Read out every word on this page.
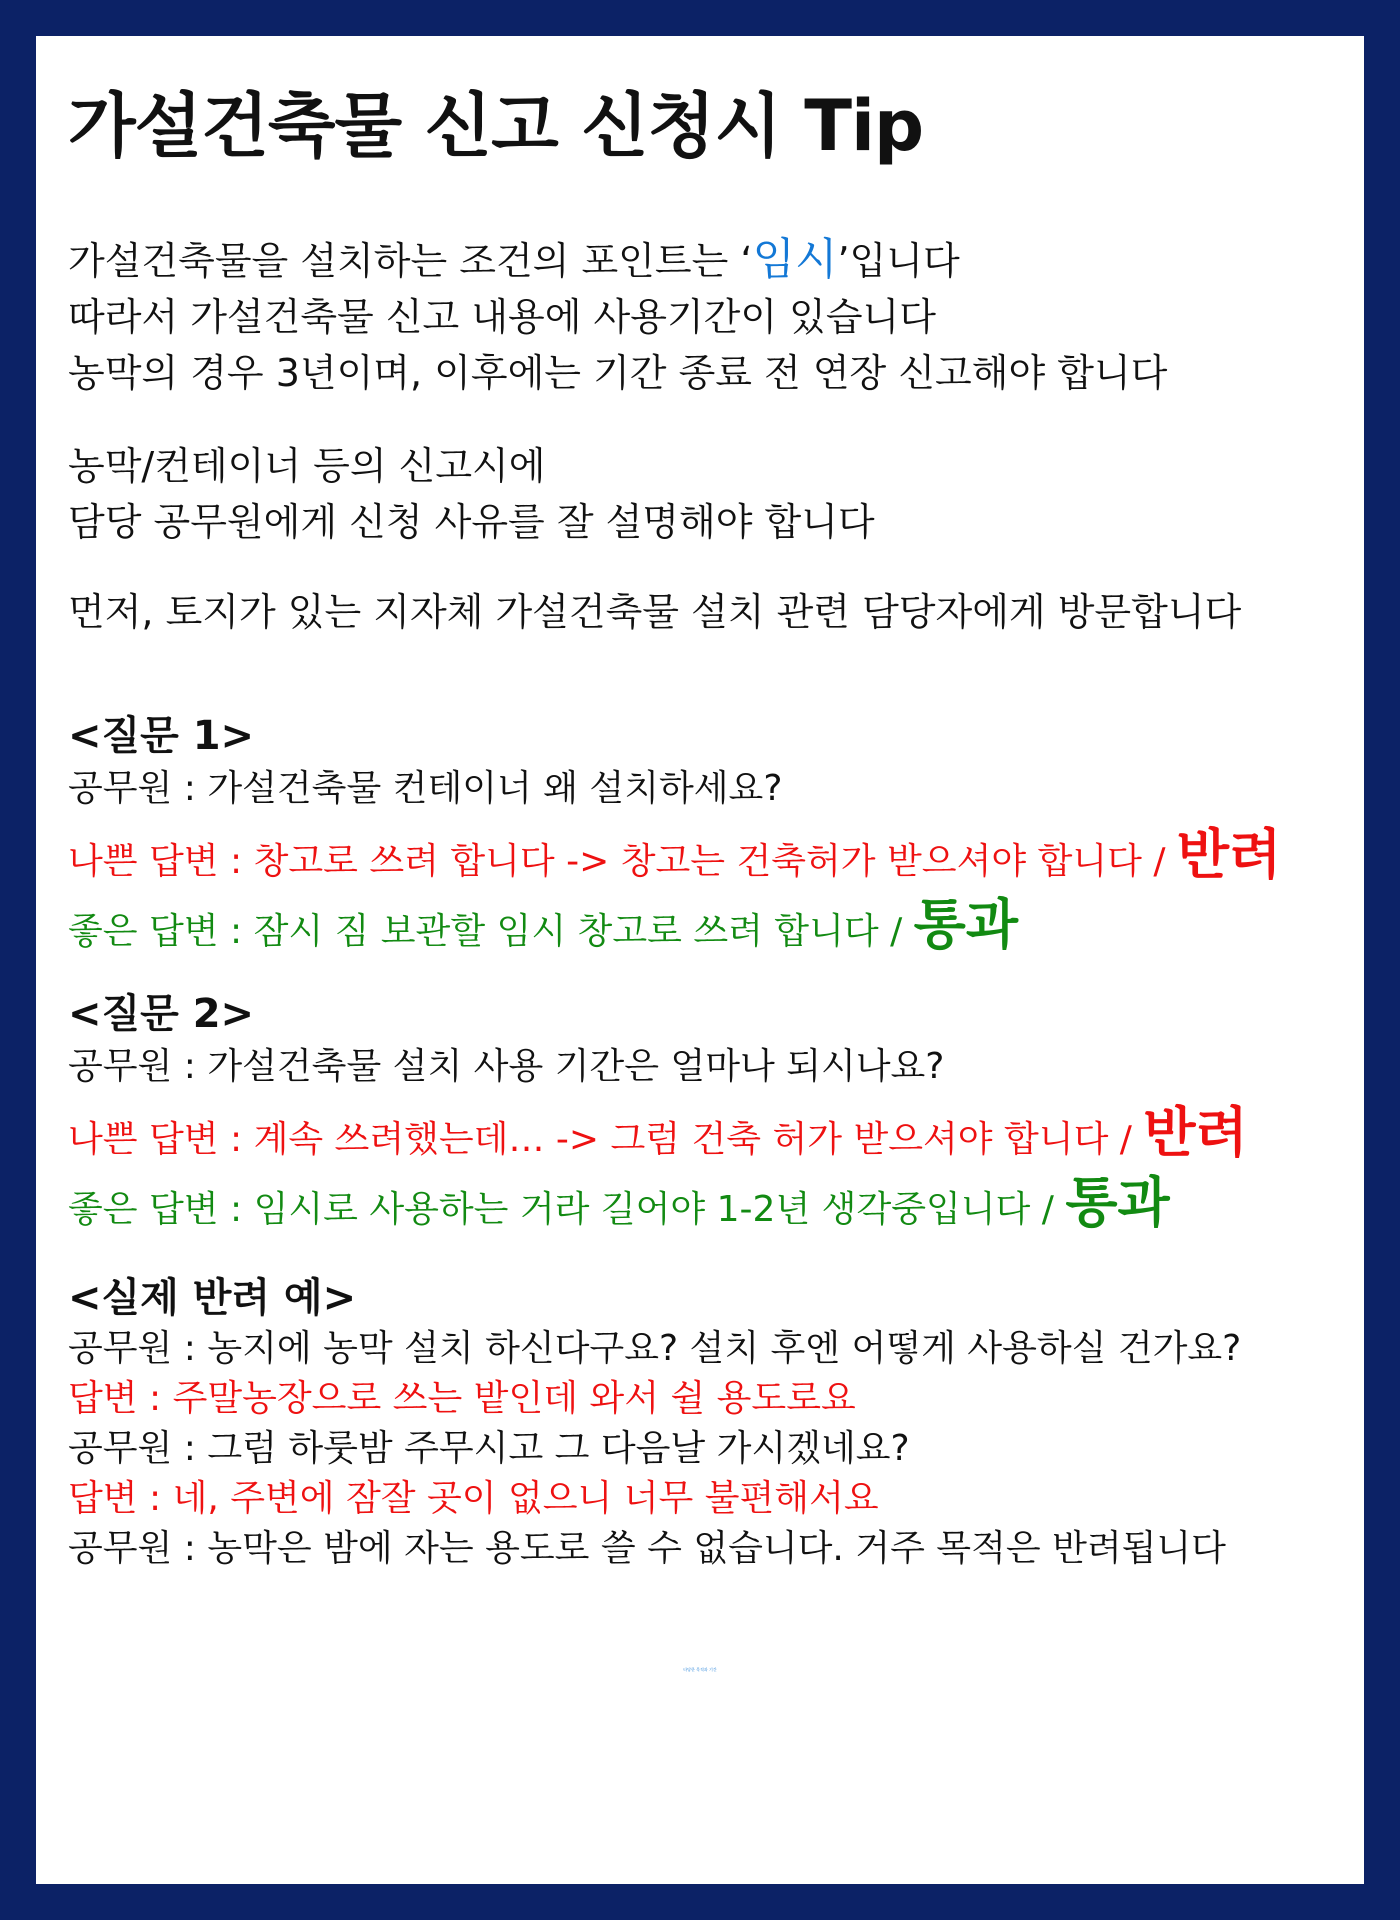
가설건축물 신고 신청시 Tip
가설건축물을 설치하는 조건의 포인트는 ‘임시’입니다
따라서 가설건축물 신고 내용에 사용기간이 있습니다
농막의 경우 3년이며, 이후에는 기간 종료 전 연장 신고해야 합니다
농막/컨테이너 등의 신고시에
담당 공무원에게 신청 사유를 잘 설명해야 합니다
먼저, 토지가 있는 지자체 가설건축물 설치 관련 담당자에게 방문합니다
<질문 1>
공무원 : 가설건축물 컨테이너 왜 설치하세요?
나쁜 답변 : 창고로 쓰려 합니다 -> 창고는 건축허가 받으셔야 합니다 / 반려
좋은 답변 : 잠시 짐 보관할 임시 창고로 쓰려 합니다 / 통과
<질문 2>
공무원 : 가설건축물 설치 사용 기간은 얼마나 되시나요?
나쁜 답변 : 계속 쓰려했는데… -> 그럼 건축 허가 받으셔야 합니다 / 반려
좋은 답변 : 임시로 사용하는 거라 길어야 1-2년 생각중입니다 / 통과
<실제 반려 예>
공무원 : 농지에 농막 설치 하신다구요? 설치 후엔 어떻게 사용하실 건가요?
답변 : 주말농장으로 쓰는 밭인데 와서 쉴 용도로요
공무원 : 그럼 하룻밤 주무시고 그 다음날 가시겠네요?
답변 : 네, 주변에 잠잘 곳이 없으니 너무 불편해서요
공무원 : 농막은 밤에 자는 용도로 쓸 수 없습니다. 거주 목적은 반려됩니다
타당한 목적과 기간
